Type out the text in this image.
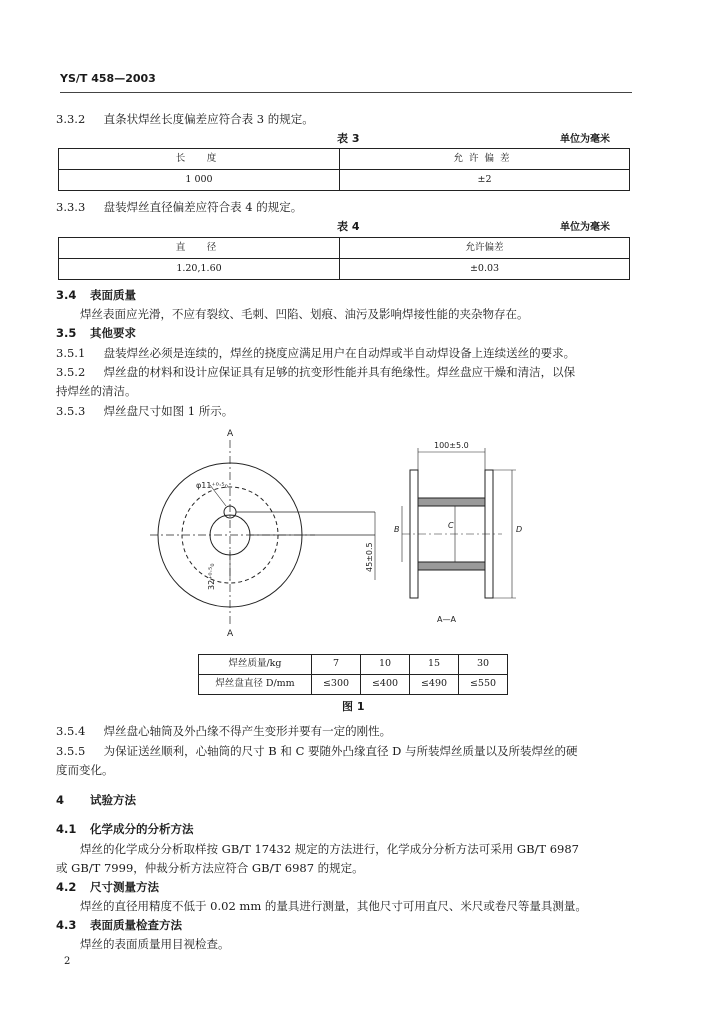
YS/T 458—2003
3.3.2 直条状焊丝长度偏差应符合表 3 的规定。
表 3	单位为毫米
长　度	允许偏差
1 000	±2
3.3.3 盘装焊丝直径偏差应符合表 4 的规定。
表 4	单位为毫米
直　径	允许偏差
1.20,1.60	±0.03
3.4 表面质量
焊丝表面应光滑，不应有裂纹、毛刺、凹陷、划痕、油污及影响焊接性能的夹杂物存在。
3.5 其他要求
3.5.1 盘装焊丝必须是连续的，焊丝的挠度应满足用户在自动焊或半自动焊设备上连续送丝的要求。
3.5.2 焊丝盘的材料和设计应保证具有足够的抗变形性能并具有绝缘性。焊丝盘应干燥和清洁，以保
持焊丝的清洁。
3.5.3 焊丝盘尺寸如图 1 所示。
A
A
φ11⁺⁰·⁵₀
32⁺⁰·⁵₀
45±0.5
100±5.0
B	C	D
A—A
焊丝质量/kg	7	10	15	30
焊丝盘直径 D/mm	≤300	≤400	≤490	≤550
图 1
3.5.4 焊丝盘心轴筒及外凸缘不得产生变形并要有一定的刚性。
3.5.5 为保证送丝顺利，心轴筒的尺寸 B 和 C 要随外凸缘直径 D 与所装焊丝质量以及所装焊丝的硬
度而变化。
4 试验方法
4.1 化学成分的分析方法
焊丝的化学成分分析取样按 GB/T 17432 规定的方法进行，化学成分分析方法可采用 GB/T 6987
或 GB/T 7999，仲裁分析方法应符合 GB/T 6987 的规定。
4.2 尺寸测量方法
焊丝的直径用精度不低于 0.02 mm 的量具进行测量，其他尺寸可用直尺、米尺或卷尺等量具测量。
4.3 表面质量检查方法
焊丝的表面质量用目视检查。
2
